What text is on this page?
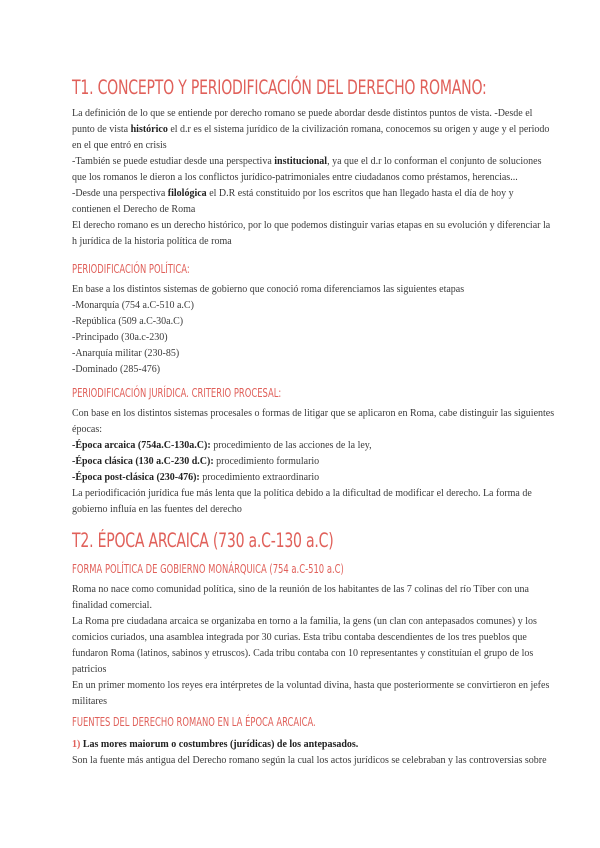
T1. CONCEPTO Y PERIODIFICACIÓN DEL DERECHO ROMANO:

La definición de lo que se entiende por derecho romano se puede abordar desde distintos puntos de vista. -Desde el

punto de vista histórico el d.r es el sistema jurídico de la civilización romana, conocemos su origen y auge y el periodo

en el que entró en crisis

-También se puede estudiar desde una perspectiva institucional, ya que el d.r lo conforman el conjunto de soluciones

que los romanos le dieron a los conflictos jurídico-patrimoniales entre ciudadanos como préstamos, herencias...

-Desde una perspectiva filológica el D.R está constituido por los escritos que han llegado hasta el día de hoy y

contienen el Derecho de Roma

El derecho romano es un derecho histórico, por lo que podemos distinguir varias etapas en su evolución y diferenciar la

h jurídica de la historia política de roma

PERIODIFICACIÓN POLÍTICA:

En base a los distintos sistemas de gobierno que conoció roma diferenciamos las siguientes etapas

-Monarquía (754 a.C-510 a.C)

-República (509 a.C-30a.C)

-Principado (30a.c-230)

-Anarquía militar (230-85)

-Dominado (285-476)

PERIODIFICACIÓN JURÍDICA. CRITERIO PROCESAL:

Con base en los distintos sistemas procesales o formas de litigar que se aplicaron en Roma, cabe distinguir las siguientes

épocas:

-Época arcaica (754a.C-130a.C): procedimiento de las acciones de la ley,

-Época clásica (130 a.C-230 d.C): procedimiento formulario

-Época post-clásica (230-476): procedimiento extraordinario

La periodificación jurídica fue más lenta que la política debido a la dificultad de modificar el derecho. La forma de

gobierno influía en las fuentes del derecho

T2. ÉPOCA ARCAICA (730 a.C-130 a.C)
FORMA POLÍTICA DE GOBIERNO MONÁRQUICA (754 a.C-510 a.C)

Roma no nace como comunidad política, sino de la reunión de los habitantes de las 7 colinas del río Tíber con una

finalidad comercial.

La Roma pre ciudadana arcaica se organizaba en torno a la familia, la gens (un clan con antepasados comunes) y los

comicios curiados, una asamblea integrada por 30 curias. Esta tribu contaba descendientes de los tres pueblos que

fundaron Roma (latinos, sabinos y etruscos). Cada tribu contaba con 10 representantes y constituían el grupo de los

patricios

En un primer momento los reyes era intérpretes de la voluntad divina, hasta que posteriormente se convirtieron en jefes

militares

FUENTES DEL DERECHO ROMANO EN LA ÉPOCA ARCAICA.

1) Las mores maiorum o costumbres (jurídicas) de los antepasados.

Son la fuente más antigua del Derecho romano según la cual los actos jurídicos se celebraban y las controversias sobre
